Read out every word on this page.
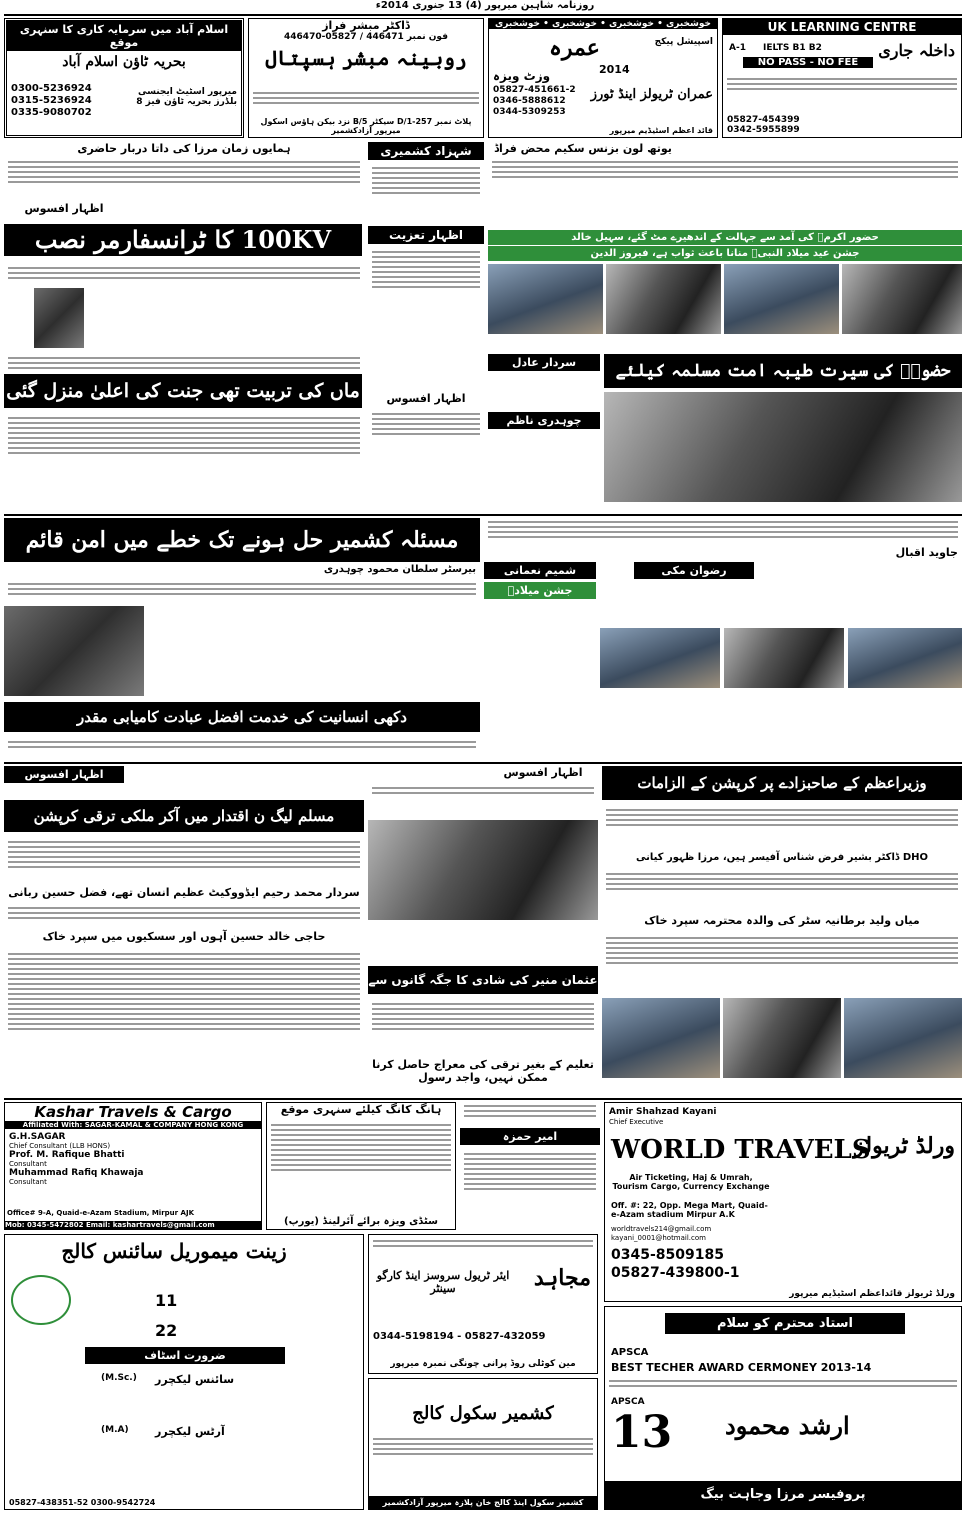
روزنامہ شاہین میرپور (4) 13 جنوری 2014ء
اسلام آباد میں سرمایہ کاری کا سنہری موقع
بحریہ ٹاؤن اسلام آباد
0300-5236924
0315-5236924
0335-9080702
میرپور اسٹیٹ ایجنسی بلڈرز بحریہ ٹاؤن فیز 8
ڈاکٹر مبشر فراز
فون نمبر 446471 / 05827-446470
روبینہ مبشر ہسپتال
پلاٹ نمبر D/1-257 سیکٹر B/5 نزد بیکن ہاؤس اسکول میرپور آزادکشمیر
خوشخبری • خوشخبری • خوشخبری • خوشخبری
عمرہ	اسپیشل پیکج
2014
وزٹ ویزہ
عمران ٹریولز اینڈ ٹورز
05827-451661-2
0346-5888612
0344-5309253
قائد اعظم اسٹیڈیم میرپور
UK LEARNING CENTRE
داخلہ جاری
IELTS B1 B2
A-1
NO PASS - NO FEE
05827-454399
0342-5955899
ہمایوں زمان مرزا کی داتا دربار حاضری
اظہار افسوس
100KV کا ٹرانسفارمر نصب
ماں کی تربیت تھی جنت کی اعلیٰ منزل گئی
شہزاد کشمیری
اظہار تعزیت
اظہار افسوس
یوتھ لون بزنس سکیم محض فراڈ
حضور اکرمؐ کی آمد سے جہالت کے اندھیرے مٹ گئے، سہیل خالد
جشن عید میلاد النبیؐ منانا باعث ثواب ہے، فیروز الدین
حضورؐ کی سیرت طیبہ امت مسلمہ کیلئے
سردار عادل
چوہدری ناظم
مسئلہ کشمیر حل ہونے تک خطے میں امن قائم گا
بیرسٹر سلطان محمود چوہدری
دکھی انسانیت کی خدمت افضل عبادت کامیابی مقدر
جاوید اقبال
شمیم نعمانی
جشن میلادؐ
رضوان مکی
اظہار افسوس
مسلم لیگ ن اقتدار میں آکر ملکی ترقی کرپشن
سردار محمد رحیم ایڈووکیٹ عظیم انسان تھے، فضل حسین ربانی
حاجی خالد حسین آہوں اور سسکیوں میں سپرد خاک
اظہار افسوس
عثمان منیر کی شادی کا جگہ گانوں سے
تعلیم کے بغیر ترقی کی معراج حاصل کرنا ممکن نہیں، واجد رسول
وزیراعظم کے صاحبزادے پر کرپشن کے الزامات
DHO ڈاکٹر بشیر فرض شناس آفیسر ہیں، مرزا ظہور کیانی
میاں ولید برطانیہ سٹر کی والدہ محترمہ سپرد خاک
Kashar Travels & Cargo
Affiliated With: SAGAR-KAMAL & COMPANY HONG KONG
G.H.SAGAR
Chief Consultant (LLB HONS)
Prof. M. Rafique Bhatti
Consultant
Muhammad Rafiq Khawaja
Consultant
Office# 9-A, Quaid-e-Azam Stadium, Mirpur AJK
Mob: 0345-5472802 Email: kashartravels@gmail.com
ہانگ کانگ کیلئے سنہری موقع
سٹڈی ویزہ برائے آئرلینڈ (یورپ)
امیر حمزہ
Amir Shahzad Kayani
Chief Executive
ورلڈ ٹریولز
WORLD TRAVELS
Air Ticketing, Haj & Umrah, Tourism Cargo, Currency Exchange
Off. #: 22, Opp. Mega Mart, Quaid-e-Azam stadium Mirpur A.K
worldtravels214@gmail.com
kayani_0001@hotmail.com
0345-8509185
05827-439800-1
ورلڈ ٹریولز قائداعظم اسٹیڈیم میرپور
زینت میموریل سائنس کالج
11
22
ضرورت اسٹاف
سائنس لیکچرر
(M.Sc.)
آرٹس لیکچرر
(M.A)
05827-438351-52 0300-9542724
مجاہد
ایئر ٹریول سروسز اینڈ کارگو سینٹر
0344-5198194 - 05827-432059
مین کوٹلی روڈ پرانی چونگی نمبرہ میرپور
کشمیر سکول کالج
کشمیر سکول اینڈ کالج خان پلازہ میرپور آزادکشمیر
استاد محترم کو سلام
APSCA
BEST TECHER AWARD CERMONEY 2013-14
APSCA
ارشد محمود
13
پروفیسر مرزا وجاہت بیگ
